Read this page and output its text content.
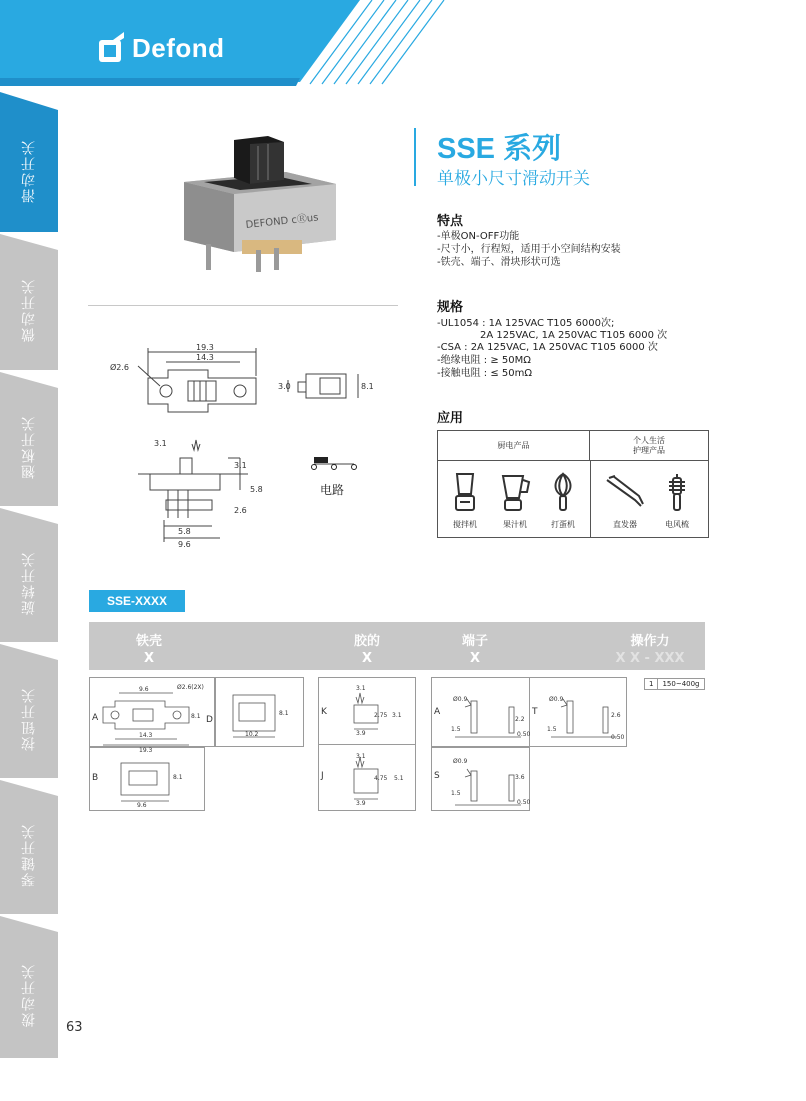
Defond
滑动开关
微动开关
翘板开关
旋转开关
按钮开关
琴键开关
拨动开关
DEFOND cⓇus
19.3
14.3
Ø2.6
3.0	8.1
3.1
3.1
5.8
2.6
5.8
9.6
电路
SSE 系列
单极小尺寸滑动开关
特点
-单极ON-OFF功能
-尺寸小，行程短，适用于小空间结构安装
-铁壳、端子、滑块形状可选
规格
-UL1054 : 1A 125VAC T105 6000次;
2A 125VAC, 1A 250VAC T105 6000 次
-CSA : 2A 125VAC, 1A 250VAC T105 6000 次
-绝缘电阻 : ≥ 50MΩ
-接触电阻 : ≤ 50mΩ
应用
厨电产品
个人生活
护理产品
搅拌机	果汁机	打蛋机	直发器	电风梳
SSE-XXXX
铁壳
X
胶的
X
端子
X
操作力
X X - XXX
A	D
B
9.6	Ø2.6(2X)
8.1
14.3
19.3
8.1
10.2
8.1
9.6
K
J
3.1
2.75 3.1
3.9
3.1
4.75 5.1
3.9
A	T
S
Ø0.9
2.2
1.5
0.50
Ø0.9
2.6
1.5
0.50
Ø0.9
3.6
1.5
0.50
1	150~400g
63
